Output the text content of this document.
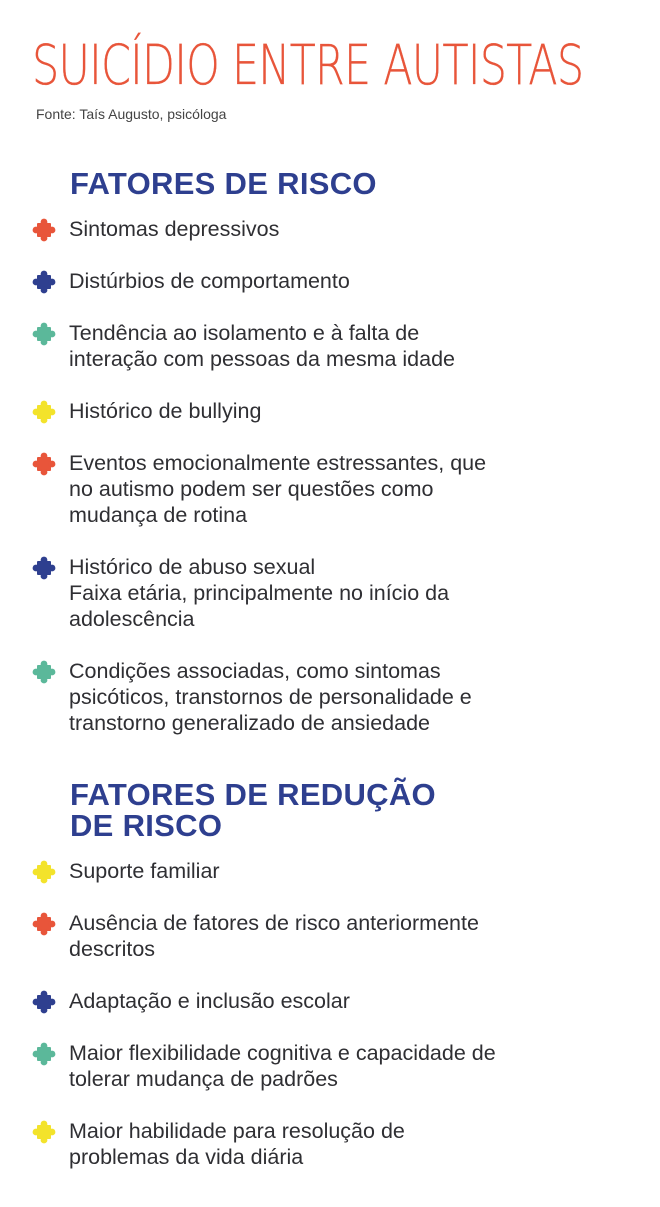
SUICÍDIO ENTRE AUTISTAS
Fonte: Taís Augusto, psicóloga
FATORES DE RISCO
Sintomas depressivos
Distúrbios de comportamento
Tendência ao isolamento e à falta de
interação com pessoas da mesma idade
Histórico de bullying
Eventos emocionalmente estressantes, que
no autismo podem ser questões como
mudança de rotina
Histórico de abuso sexual
Faixa etária, principalmente no início da
adolescência
Condições associadas, como sintomas
psicóticos, transtornos de personalidade e
transtorno generalizado de ansiedade
FATORES DE REDUÇÃO
DE RISCO
Suporte familiar
Ausência de fatores de risco anteriormente
descritos
Adaptação e inclusão escolar
Maior flexibilidade cognitiva e capacidade de
tolerar mudança de padrões
Maior habilidade para resolução de
problemas da vida diária
